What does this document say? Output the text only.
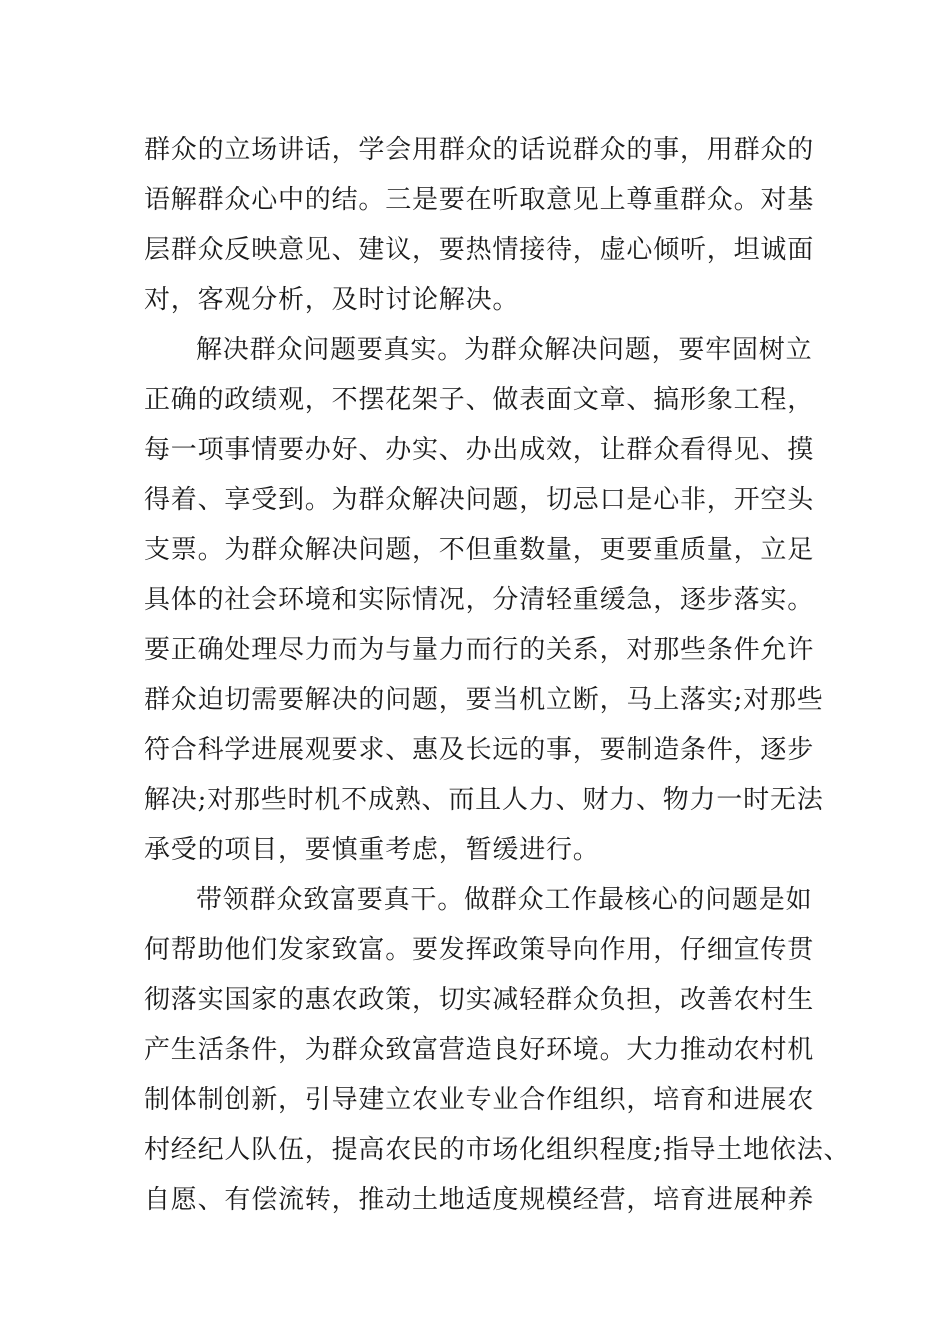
群众的立场讲话，学会用群众的话说群众的事，用群众的
语解群众心中的结。三是要在听取意见上尊重群众。对基
层群众反映意见、建议，要热情接待，虚心倾听，坦诚面
对，客观分析，及时讨论解决。
解决群众问题要真实。为群众解决问题，要牢固树立
正确的政绩观，不摆花架子、做表面文章、搞形象工程，
每一项事情要办好、办实、办出成效，让群众看得见、摸
得着、享受到。为群众解决问题，切忌口是心非，开空头
支票。为群众解决问题，不但重数量，更要重质量，立足
具体的社会环境和实际情况，分清轻重缓急，逐步落实。
要正确处理尽力而为与量力而行的关系，对那些条件允许
群众迫切需要解决的问题，要当机立断，马上落实;对那些
符合科学进展观要求、惠及长远的事，要制造条件，逐步
解决;对那些时机不成熟、而且人力、财力、物力一时无法
承受的项目，要慎重考虑，暂缓进行。
带领群众致富要真干。做群众工作最核心的问题是如
何帮助他们发家致富。要发挥政策导向作用，仔细宣传贯
彻落实国家的惠农政策，切实减轻群众负担，改善农村生
产生活条件，为群众致富营造良好环境。大力推动农村机
制体制创新，引导建立农业专业合作组织，培育和进展农
村经纪人队伍，提高农民的市场化组织程度;指导土地依法、
自愿、有偿流转，推动土地适度规模经营，培育进展种养
